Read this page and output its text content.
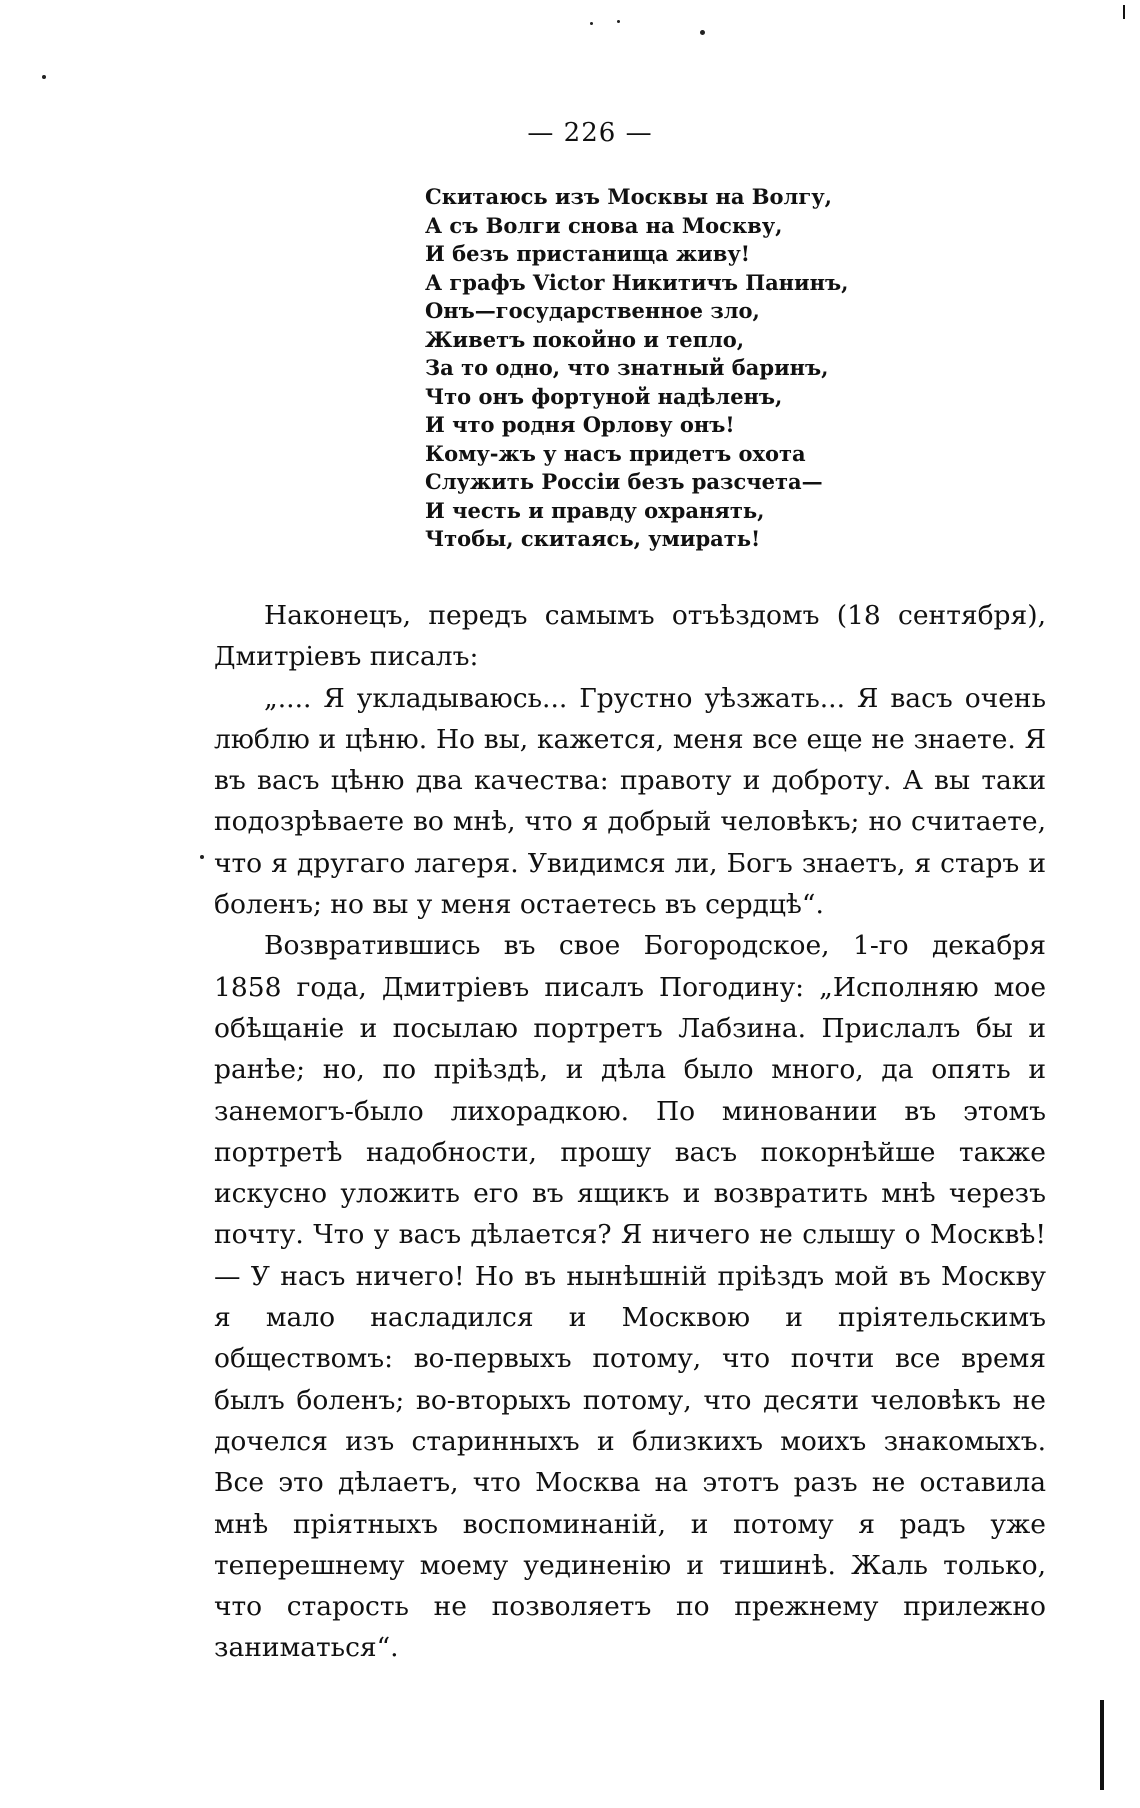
— 226 —
Скитаюсь изъ Москвы на Волгу,
А съ Волги снова на Москву,
И безъ пристанища живу!
А графъ Victor Никитичъ Панинъ,
Онъ—государственное зло,
Живетъ покойно и тепло,
За то одно, что знатный баринъ,
Что онъ фортуной надѣленъ,
И что родня Орлову онъ!
Кому-жъ у насъ придетъ охота
Служить Россіи безъ разсчета—
И честь и правду охранять,
Чтобы, скитаясь, умирать!

Наконецъ, передъ самымъ отъѣздомъ (18 сентября), Дмитріевъ писалъ:

„.... Я укладываюсь... Грустно уѣзжать... Я васъ очень люблю и цѣню. Но вы, кажется, меня все еще не знаете. Я въ васъ цѣню два качества: правоту и доброту. А вы таки подозрѣваете во мнѣ, что я добрый человѣкъ; но считаете, что я другаго лагеря. Увидимся ли, Богъ знаетъ, я старъ и боленъ; но вы у меня остаетесь въ сердцѣ“.

Возвратившись въ свое Богородское, 1-го декабря 1858 года, Дмитріевъ писалъ Погодину: „Исполняю мое обѣщаніе и посылаю портретъ Лабзина. Прислалъ бы и ранѣе; но, по пріѣздѣ, и дѣла было много, да опять и занемогъ-было лихорадкою. По миновании въ этомъ портретѣ надобности, прошу васъ покорнѣйше также искусно уложить его въ ящикъ и возвратить мнѣ черезъ почту. Что у васъ дѣлается? Я ничего не слышу о Москвѣ! — У насъ ничего! Но въ нынѣшній пріѣздъ мой въ Москву я мало насладился и Москвою и пріятельскимъ обществомъ: во-первыхъ потому, что почти все время былъ боленъ; во-вторыхъ потому, что десяти человѣкъ не дочелся изъ старинныхъ и близкихъ моихъ знакомыхъ. Все это дѣлаетъ, что Москва на этотъ разъ не оставила мнѣ пріятныхъ воспоминаній, и потому я радъ уже теперешнему моему уединенію и тишинѣ. Жаль только, что старость не позволяетъ по прежнему прилежно заниматься“.
